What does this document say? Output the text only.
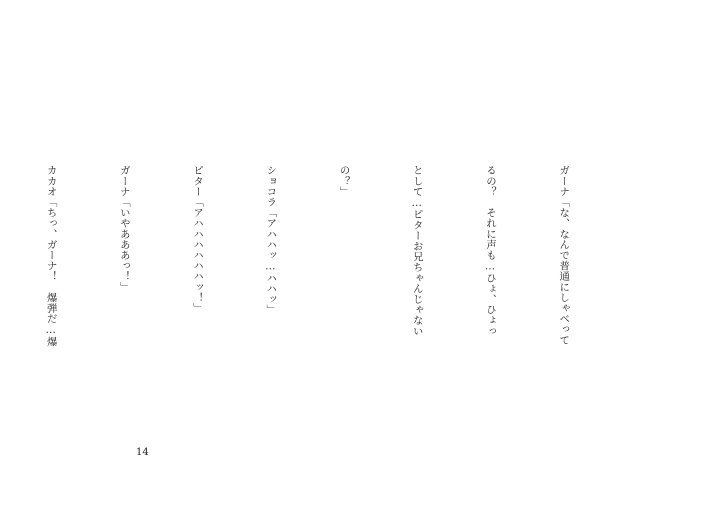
ガーナ「な、なんで普通にしゃべって

るの？　それに声も…ひょ、ひょっ

として…ピターお兄ちゃんじゃない

の？」

ショコラ「アハハッ…ハハッ」

ピター「アハハハハハハッ！」

ガーナ「いやあああっ！」

カカオ「ちっ、ガーナ！　爆弾だ…爆

14
